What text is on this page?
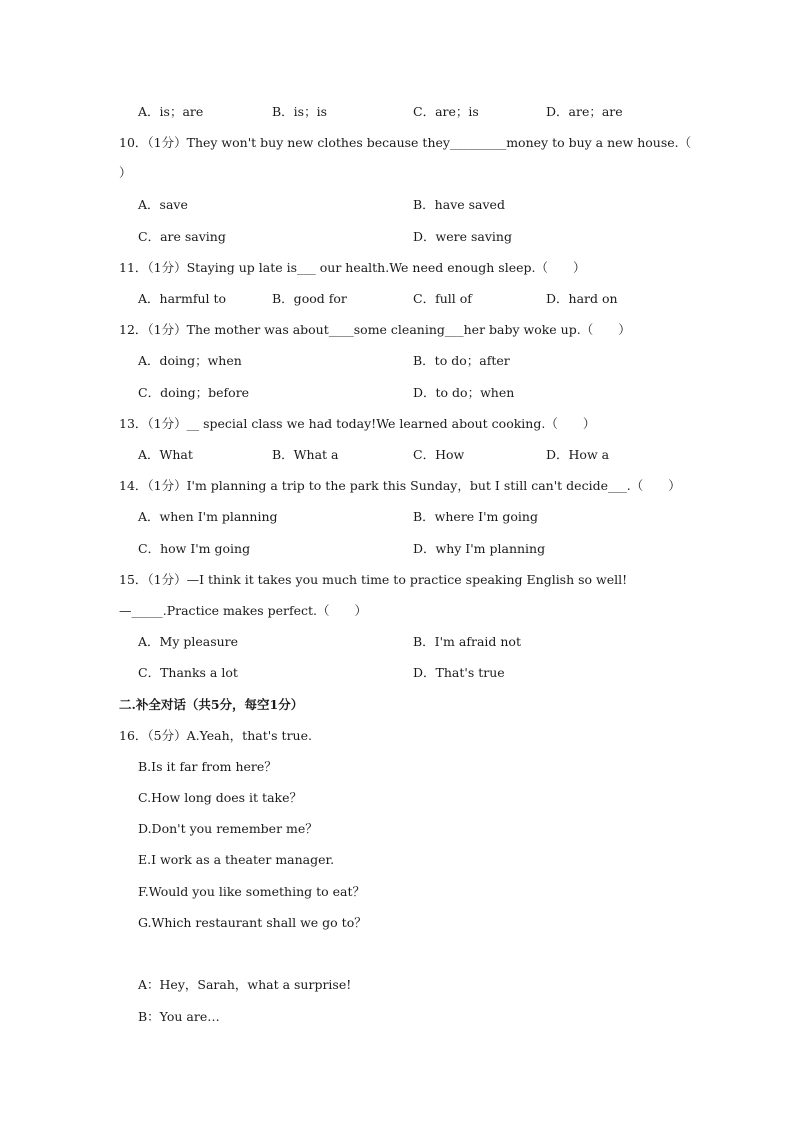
A．is；are	B．is；is	C．are；is	D．are；are
10．（1分）They won't buy new clothes because they_________money to buy a new house.（
）
A．save	B．have saved
C．are saving	D．were saving
11．（1分）Staying up late is___ our health.We need enough sleep.（　　）
A．harmful to	B．good for	C．full of	D．hard on
12．（1分）The mother was about____some cleaning___her baby woke up.（　　）
A．doing；when	B．to do；after
C．doing；before	D．to do；when
13．（1分）__ special class we had today!We learned about cooking.（　　）
A．What	B．What a	C．How	D．How a
14．（1分）I'm planning a trip to the park this Sunday，but I still can't decide___.（　　）
A．when I'm planning	B．where I'm going
C．how I'm going	D．why I'm planning
15．（1分）—I think it takes you much time to practice speaking English so well!
—_____.Practice makes perfect.（　　）
A．My pleasure	B．I'm afraid not
C．Thanks a lot	D．That's true
二.补全对话（共5分，每空1分）
16．（5分）A.Yeah，that's true.
B.Is it far from here？
C.How long does it take？
D.Don't you remember me？
E.I work as a theater manager.
F.Would you like something to eat？
G.Which restaurant shall we go to？
A：Hey，Sarah，what a surprise!
B：You are…
